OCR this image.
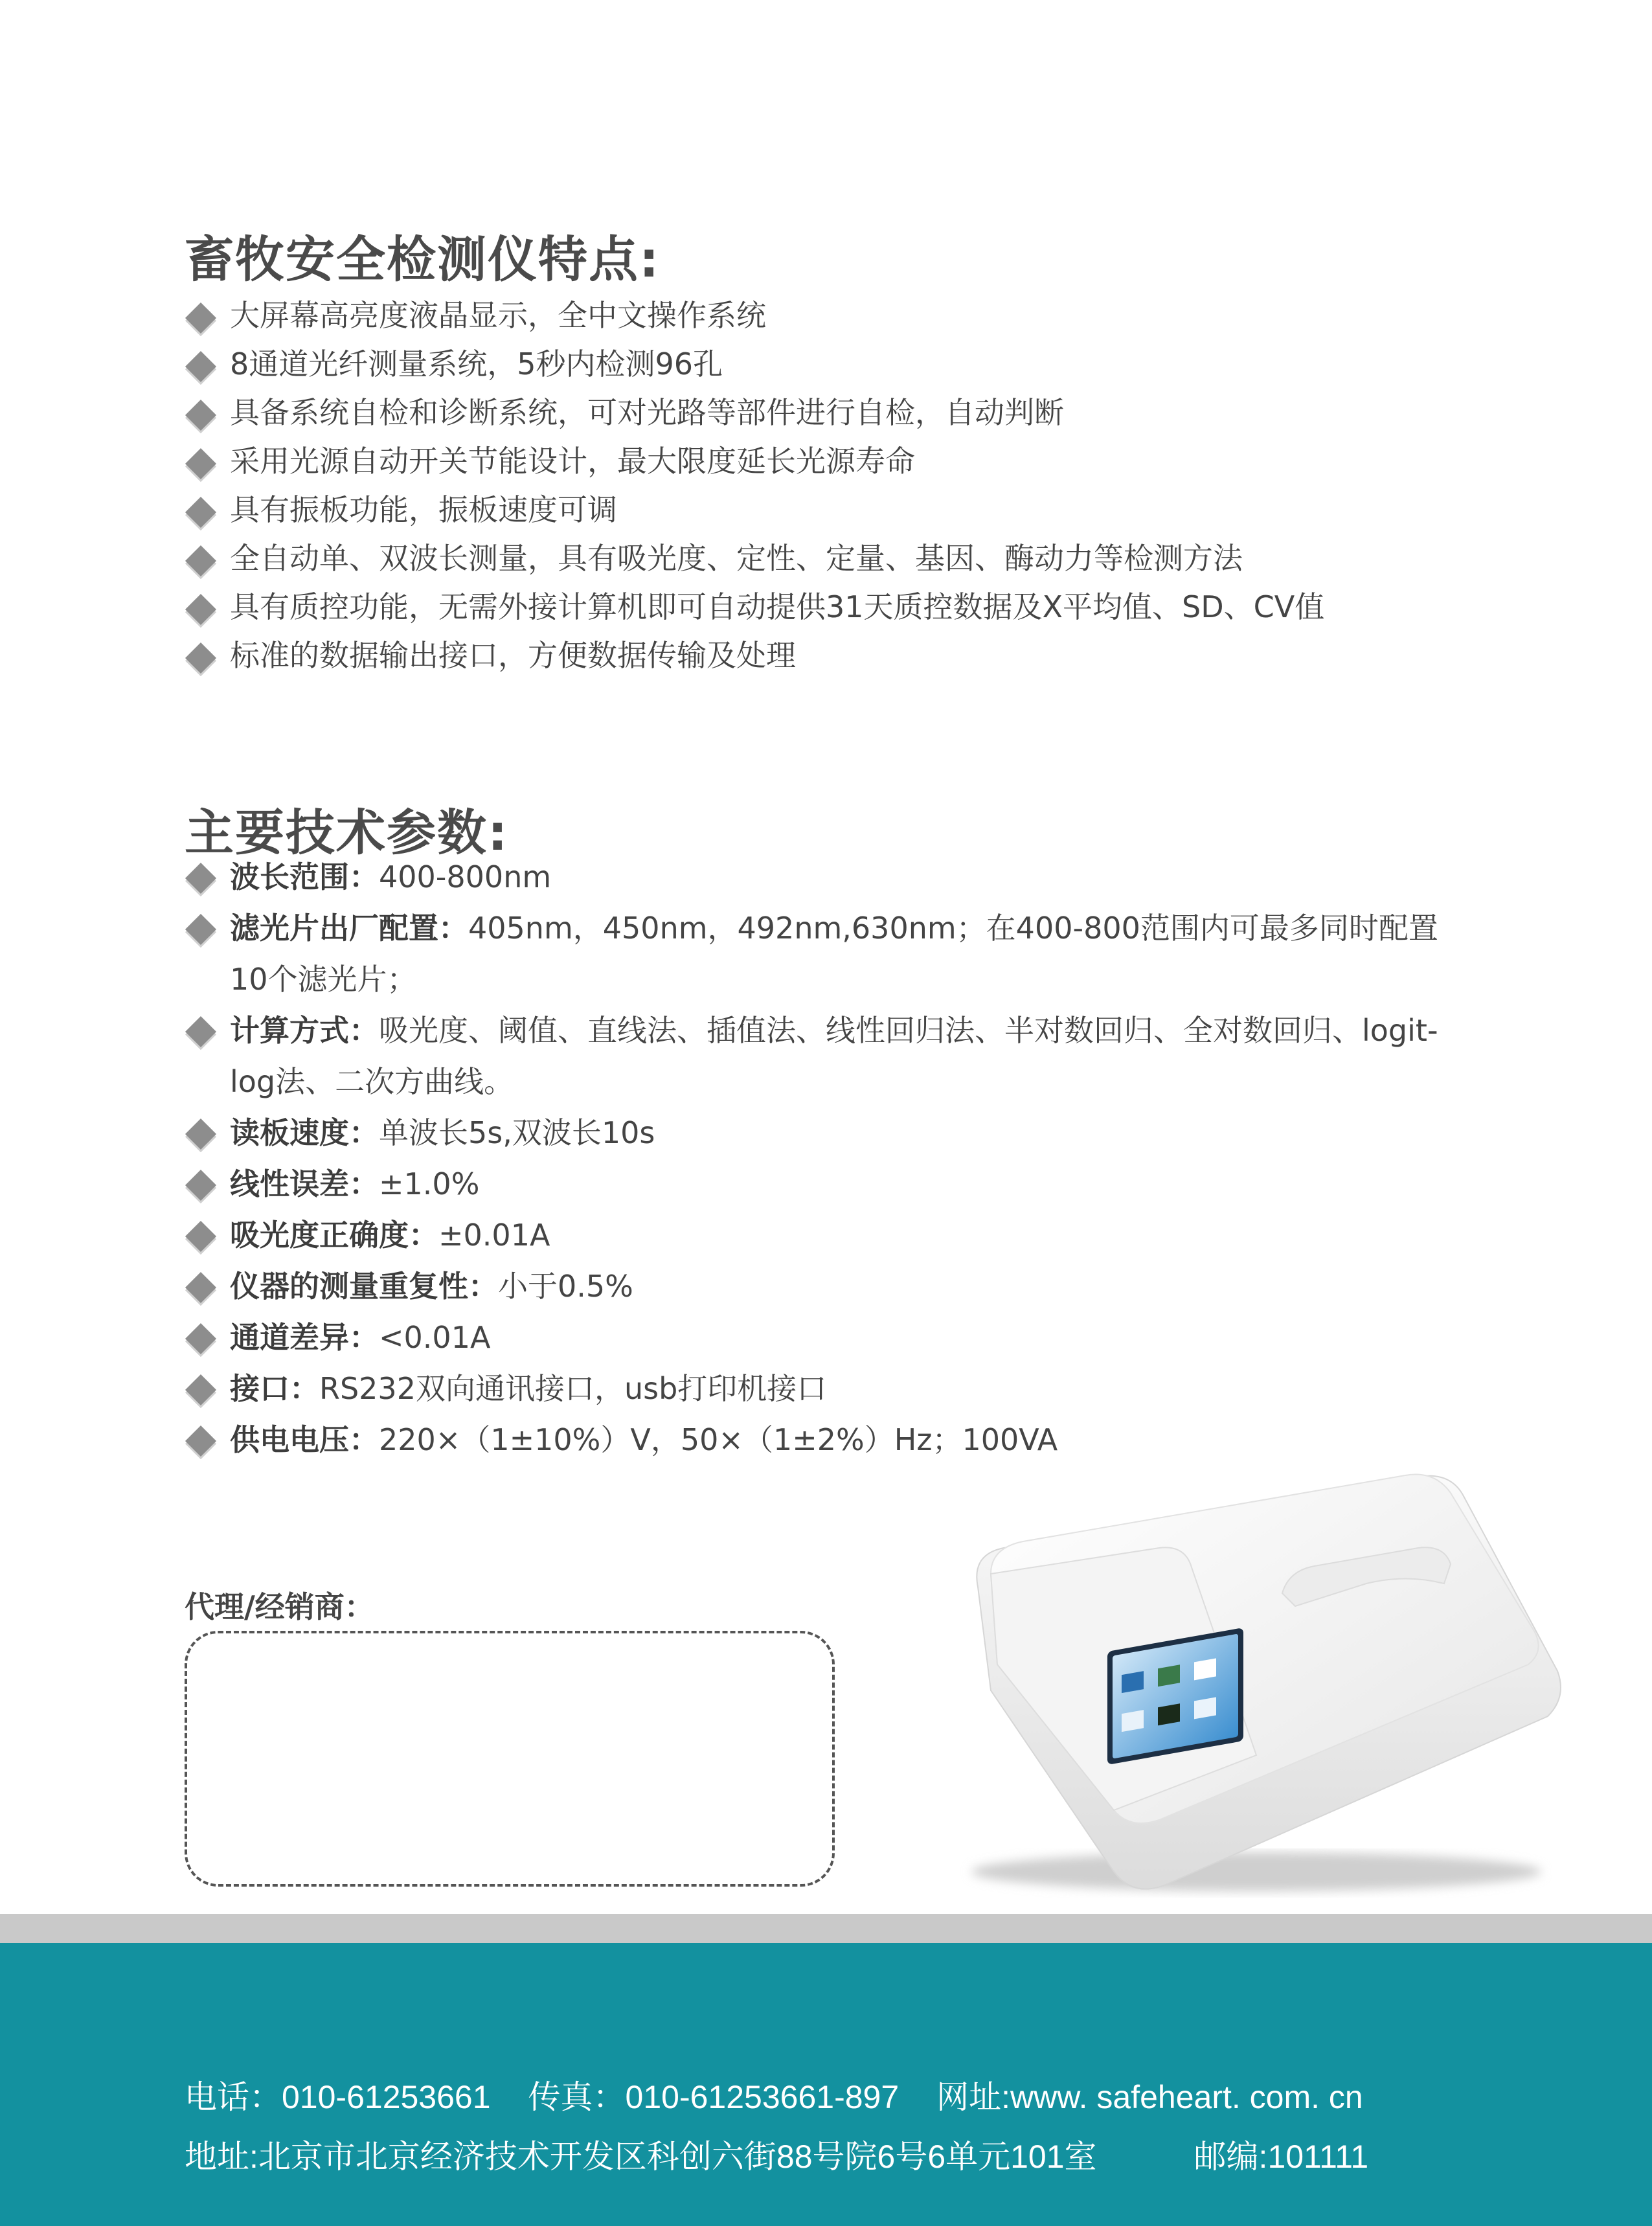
畜牧安全检测仪特点:
大屏幕高亮度液晶显示，全中文操作系统
8通道光纤测量系统，5秒内检测96孔
具备系统自检和诊断系统，可对光路等部件进行自检，自动判断
采用光源自动开关节能设计，最大限度延长光源寿命
具有振板功能，振板速度可调
全自动单、双波长测量，具有吸光度、定性、定量、基因、酶动力等检测方法
具有质控功能，无需外接计算机即可自动提供31天质控数据及X平均值、SD、CV值
标准的数据输出接口，方便数据传输及处理
主要技术参数:
波长范围：400-800nm
滤光片出厂配置：405nm，450nm，492nm,630nm；在400-800范围内可最多同时配置10个滤光片；
计算方式：吸光度、阈值、直线法、插值法、线性回归法、半对数回归、全对数回归、logit-log法、二次方曲线。
读板速度：单波长5s,双波长10s
线性误差：±1.0%
吸光度正确度：±0.01A
仪器的测量重复性：小于0.5%
通道差异：<0.01A
接口：RS232双向通讯接口，usb打印机接口
供电电压：220×（1±10%）V，50×（1±2%）Hz；100VA
代理/经销商：
电话：010-61253661 传真：010-61253661-897 网址:www. safeheart. com. cn
地址:北京市北京经济技术开发区科创六街88号院6号6单元101室	邮编:101111
